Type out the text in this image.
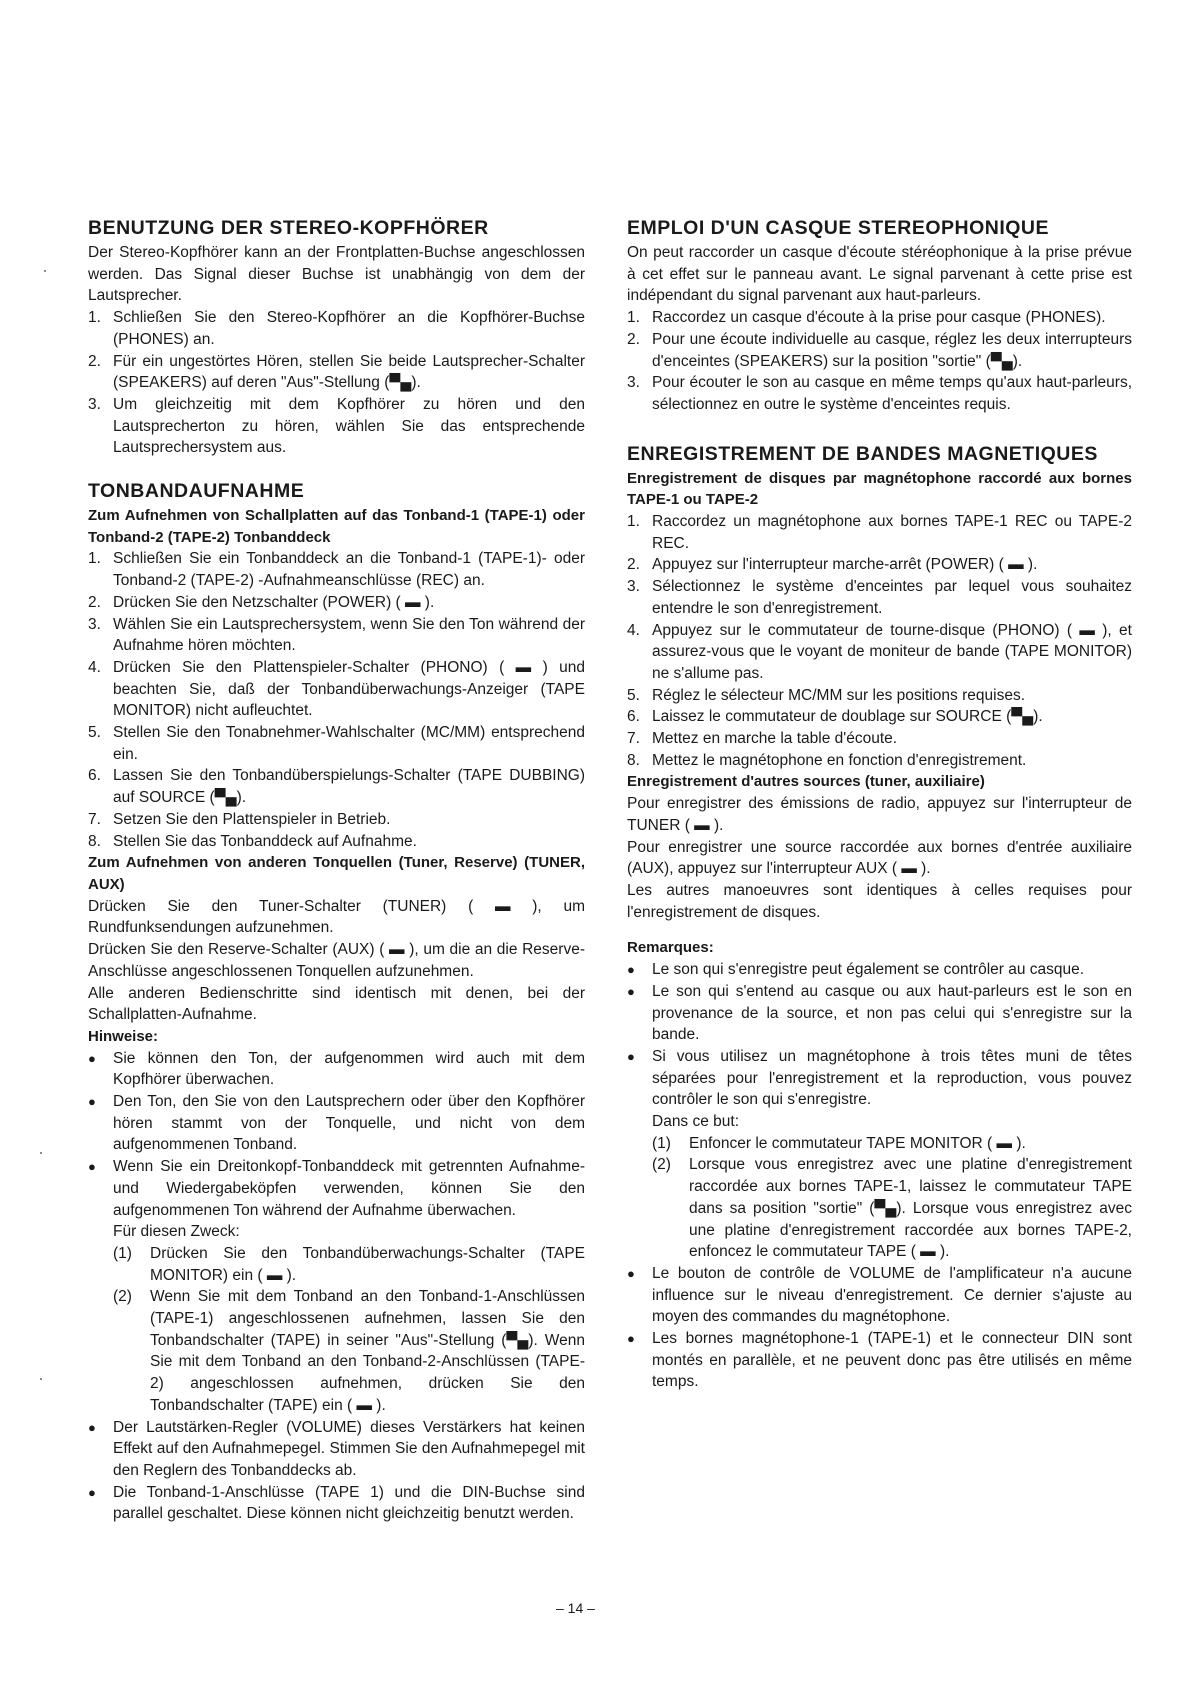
BENUTZUNG DER STEREO-KOPFHÖRER

Der Stereo-Kopfhörer kann an der Frontplatten-Buchse angeschlossen werden. Das Signal dieser Buchse ist unabhängig von dem der Lautsprecher.

1. Schließen Sie den Stereo-Kopfhörer an die Kopfhörer-Buchse (PHONES) an.
2. Für ein ungestörtes Hören, stellen Sie beide Lautsprecher-Schalter (SPEAKERS) auf deren "Aus"-Stellung (▀▄).
3. Um gleichzeitig mit dem Kopfhörer zu hören und den Lautsprecherton zu hören, wählen Sie das entsprechende Lautsprechersystem aus.
TONBANDAUFNAHME

Zum Aufnehmen von Schallplatten auf das Tonband-1 (TAPE-1) oder Tonband-2 (TAPE-2) Tonbanddeck

1. Schließen Sie ein Tonbanddeck an die Tonband-1 (TAPE-1)- oder Tonband-2 (TAPE-2) -Aufnahmeanschlüsse (REC) an.
2. Drücken Sie den Netzschalter (POWER) ( ▬ ).
3. Wählen Sie ein Lautsprechersystem, wenn Sie den Ton während der Aufnahme hören möchten.
4. Drücken Sie den Plattenspieler-Schalter (PHONO) ( ▬ ) und beachten Sie, daß der Tonbandüberwachungs-Anzeiger (TAPE MONITOR) nicht aufleuchtet.
5. Stellen Sie den Tonabnehmer-Wahlschalter (MC/MM) entsprechend ein.
6. Lassen Sie den Tonbandüberspielungs-Schalter (TAPE DUBBING) auf SOURCE (▀▄).
7. Setzen Sie den Plattenspieler in Betrieb.
8. Stellen Sie das Tonbanddeck auf Aufnahme.

Zum Aufnehmen von anderen Tonquellen (Tuner, Reserve) (TUNER, AUX)

Drücken Sie den Tuner-Schalter (TUNER) ( ▬ ), um Rundfunksendungen aufzunehmen.

Drücken Sie den Reserve-Schalter (AUX) ( ▬ ), um die an die Reserve-Anschlüsse angeschlossenen Tonquellen aufzunehmen.

Alle anderen Bedienschritte sind identisch mit denen, bei der Schallplatten-Aufnahme.

Hinweise:

● Sie können den Ton, der aufgenommen wird auch mit dem Kopfhörer überwachen.
● Den Ton, den Sie von den Lautsprechern oder über den Kopfhörer hören stammt von der Tonquelle, und nicht von dem aufgenommenen Tonband.
● Wenn Sie ein Dreitonkopf-Tonbanddeck mit getrennten Aufnahme- und Wiedergabeköpfen verwenden, können Sie den aufgenommenen Ton während der Aufnahme überwachen.
Für diesen Zweck:
(1) Drücken Sie den Tonbandüberwachungs-Schalter (TAPE MONITOR) ein ( ▬ ).
(2) Wenn Sie mit dem Tonband an den Tonband-1-Anschlüssen (TAPE-1) angeschlossenen aufnehmen, lassen Sie den Tonbandschalter (TAPE) in seiner "Aus"-Stellung (▀▄). Wenn Sie mit dem Tonband an den Tonband-2-Anschlüssen (TAPE-2) angeschlossen aufnehmen, drücken Sie den Tonbandschalter (TAPE) ein ( ▬ ).
● Der Lautstärken-Regler (VOLUME) dieses Verstärkers hat keinen Effekt auf den Aufnahmepegel. Stimmen Sie den Aufnahmepegel mit den Reglern des Tonbanddecks ab.
● Die Tonband-1-Anschlüsse (TAPE 1) und die DIN-Buchse sind parallel geschaltet. Diese können nicht gleichzeitig benutzt werden.
EMPLOI D'UN CASQUE STEREOPHONIQUE

On peut raccorder un casque d'écoute stéréophonique à la prise prévue à cet effet sur le panneau avant. Le signal parvenant à cette prise est indépendant du signal parvenant aux haut-parleurs.

1. Raccordez un casque d'écoute à la prise pour casque (PHONES).
2. Pour une écoute individuelle au casque, réglez les deux interrupteurs d'enceintes (SPEAKERS) sur la position "sortie" (▀▄).
3. Pour écouter le son au casque en même temps qu'aux haut-parleurs, sélectionnez en outre le système d'enceintes requis.
ENREGISTREMENT DE BANDES MAGNETIQUES

Enregistrement de disques par magnétophone raccordé aux bornes TAPE-1 ou TAPE-2

1. Raccordez un magnétophone aux bornes TAPE-1 REC ou TAPE-2 REC.
2. Appuyez sur l'interrupteur marche-arrêt (POWER) ( ▬ ).
3. Sélectionnez le système d'enceintes par lequel vous souhaitez entendre le son d'enregistrement.
4. Appuyez sur le commutateur de tourne-disque (PHONO) ( ▬ ), et assurez-vous que le voyant de moniteur de bande (TAPE MONITOR) ne s'allume pas.
5. Réglez le sélecteur MC/MM sur les positions requises.
6. Laissez le commutateur de doublage sur SOURCE (▀▄).
7. Mettez en marche la table d'écoute.
8. Mettez le magnétophone en fonction d'enregistrement.

Enregistrement d'autres sources (tuner, auxiliaire)

Pour enregistrer des émissions de radio, appuyez sur l'interrupteur de TUNER ( ▬ ).

Pour enregistrer une source raccordée aux bornes d'entrée auxiliaire (AUX), appuyez sur l'interrupteur AUX ( ▬ ).

Les autres manoeuvres sont identiques à celles requises pour l'enregistrement de disques.

Remarques:

● Le son qui s'enregistre peut également se contrôler au casque.
● Le son qui s'entend au casque ou aux haut-parleurs est le son en provenance de la source, et non pas celui qui s'enregistre sur la bande.
● Si vous utilisez un magnétophone à trois têtes muni de têtes séparées pour l'enregistrement et la reproduction, vous pouvez contrôler le son qui s'enregistre.
Dans ce but:
(1) Enfoncer le commutateur TAPE MONITOR ( ▬ ).
(2) Lorsque vous enregistrez avec une platine d'enregistrement raccordée aux bornes TAPE-1, laissez le commutateur TAPE dans sa position "sortie" (▀▄). Lorsque vous enregistrez avec une platine d'enregistrement raccordée aux bornes TAPE-2, enfoncez le commutateur TAPE ( ▬ ).
● Le bouton de contrôle de VOLUME de l'amplificateur n'a aucune influence sur le niveau d'enregistrement. Ce dernier s'ajuste au moyen des commandes du magnétophone.
● Les bornes magnétophone-1 (TAPE-1) et le connecteur DIN sont montés en parallèle, et ne peuvent donc pas être utilisés en même temps.
– 14 –
